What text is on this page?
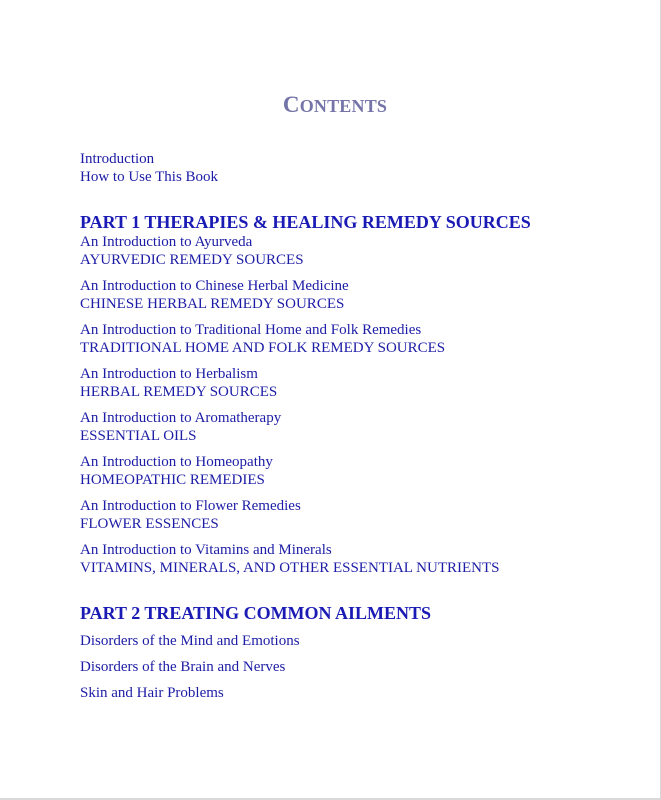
CONTENTS
Introduction
How to Use This Book
PART 1 THERAPIES & HEALING REMEDY SOURCES
An Introduction to Ayurveda
AYURVEDIC REMEDY SOURCES
An Introduction to Chinese Herbal Medicine
CHINESE HERBAL REMEDY SOURCES
An Introduction to Traditional Home and Folk Remedies
TRADITIONAL HOME AND FOLK REMEDY SOURCES
An Introduction to Herbalism
HERBAL REMEDY SOURCES
An Introduction to Aromatherapy
ESSENTIAL OILS
An Introduction to Homeopathy
HOMEOPATHIC REMEDIES
An Introduction to Flower Remedies
FLOWER ESSENCES
An Introduction to Vitamins and Minerals
VITAMINS, MINERALS, AND OTHER ESSENTIAL NUTRIENTS
PART 2 TREATING COMMON AILMENTS
Disorders of the Mind and Emotions
Disorders of the Brain and Nerves
Skin and Hair Problems
